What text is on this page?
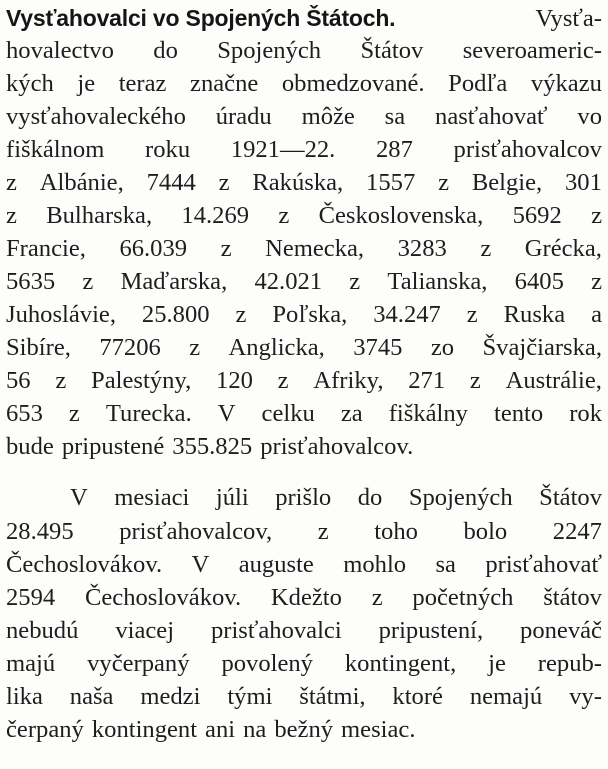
Vysťahovalci vo Spojených Štátoch.	Vysťa-
hovalectvo do Spojených Štátov severoameric-
kých je teraz značne obmedzované. Podľa výkazu
vysťahovaleckého úradu môže sa nasťahovať vo
fiškálnom roku 1921—22. 287 prisťahovalcov
z Albánie, 7444 z Rakúska, 1557 z Belgie, 301
z Bulharska, 14.269 z Československa, 5692 z
Francie, 66.039 z Nemecka, 3283 z Grécka,
5635 z Maďarska, 42.021 z Talianska, 6405 z
Juhoslávie, 25.800 z Poľska, 34.247 z Ruska a
Sibíre, 77206 z Anglicka, 3745 zo Švajčiarska,
56 z Palestýny, 120 z Afriky, 271 z Austrálie,
653 z Turecka. V celku za fiškálny tento rok
bude pripustené 355.825 prisťahovalcov.
V mesiaci júli prišlo do Spojených Štátov
28.495 prisťahovalcov, z toho bolo 2247
Čechoslovákov. V auguste mohlo sa prisťahovať
2594 Čechoslovákov. Kdežto z početných štátov
nebudú viacej prisťahovalci pripustení, poneváč
majú vyčerpaný povolený kontingent, je repub-
lika naša medzi tými štátmi, ktoré nemajú vy-
čerpaný kontingent ani na bežný mesiac.
